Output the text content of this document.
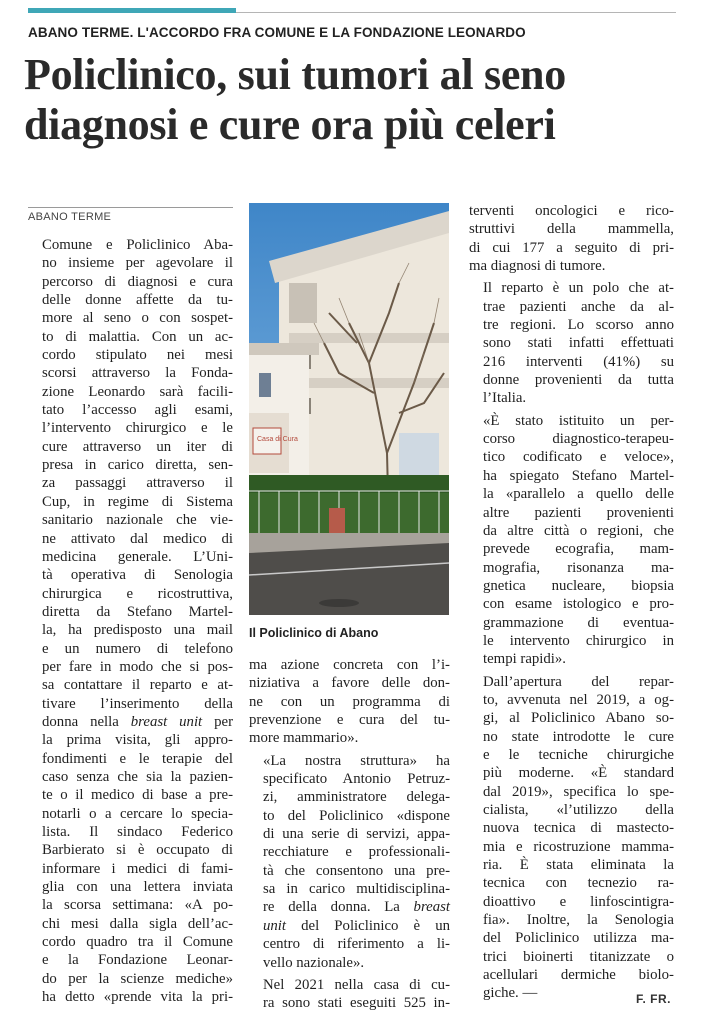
ABANO TERME. L'ACCORDO FRA COMUNE E LA FONDAZIONE LEONARDO
Policlinico, sui tumori al seno
diagnosi e cure ora più celeri
ABANO TERME

Comune e Policlinico Aba-
no insieme per agevolare il
percorso di diagnosi e cura
delle donne affette da tu-
more al seno o con sospet-
to di malattia. Con un ac-
cordo stipulato nei mesi
scorsi attraverso la Fonda-
zione Leonardo sarà facili-
tato l’accesso agli esami,
l’intervento chirurgico e le
cure attraverso un iter di
presa in carico diretta, sen-
za passaggi attraverso il
Cup, in regime di Sistema
sanitario nazionale che vie-
ne attivato dal medico di
medicina generale. L’Uni-
tà operativa di Senologia
chirurgica e ricostruttiva,
diretta da Stefano Martel-
la, ha predisposto una mail
e un numero di telefono
per fare in modo che si pos-
sa contattare il reparto e at-
tivare l’inserimento della
donna nella breast unit per
la prima visita, gli appro-
fondimenti e le terapie del
caso senza che sia la pazien-
te o il medico di base a pre-
notarli o a cercare lo specia-
lista. Il sindaco Federico
Barbierato si è occupato di
informare i medici di fami-
glia con una lettera inviata
la scorsa settimana: «A po-
chi mesi dalla sigla dell’ac-
cordo quadro tra il Comune
e la Fondazione Leonar-
do per la scienze mediche»
ha detto «prende vita la pri-

Casa di Cura
Il Policlinico di Abano

ma azione concreta con l’i-
niziativa a favore delle don-
ne con un programma di
prevenzione e cura del tu-
more mammario».

«La nostra struttura» ha
specificato Antonio Petruz-
zi, amministratore delega-
to del Policlinico «dispone
di una serie di servizi, appa-
recchiature e professionali-
tà che consentono una pre-
sa in carico multidisciplina-
re della donna. La breast
unit del Policlinico è un
centro di riferimento a li-
vello nazionale».

Nel 2021 nella casa di cu-
ra sono stati eseguiti 525 in-

terventi oncologici e rico-
struttivi della mammella,
di cui 177 a seguito di pri-
ma diagnosi di tumore.

Il reparto è un polo che at-
trae pazienti anche da al-
tre regioni. Lo scorso anno
sono stati infatti effettuati
216 interventi (41%) su
donne provenienti da tutta
l’Italia.

«È stato istituito un per-
corso diagnostico-terapeu-
tico codificato e veloce»,
ha spiegato Stefano Martel-
la «parallelo a quello delle
altre pazienti provenienti
da altre città o regioni, che
prevede ecografia, mam-
mografia, risonanza ma-
gnetica nucleare, biopsia
con esame istologico e pro-
grammazione di eventua-
le intervento chirurgico in
tempi rapidi».

Dall’apertura del repar-
to, avvenuta nel 2019, a og-
gi, al Policlinico Abano so-
no state introdotte le cure
e le tecniche chirurgiche
più moderne. «È standard
dal 2019», specifica lo spe-
cialista, «l’utilizzo della
nuova tecnica di mastecto-
mia e ricostruzione mamma-
ria. È stata eliminata la
tecnica con tecnezio ra-
dioattivo e linfoscintigra-
fia». Inoltre, la Senologia
del Policlinico utilizza ma-
trici bioinerti titanizzate o
acellulari dermiche biolo-
giche. —	F. FR.
